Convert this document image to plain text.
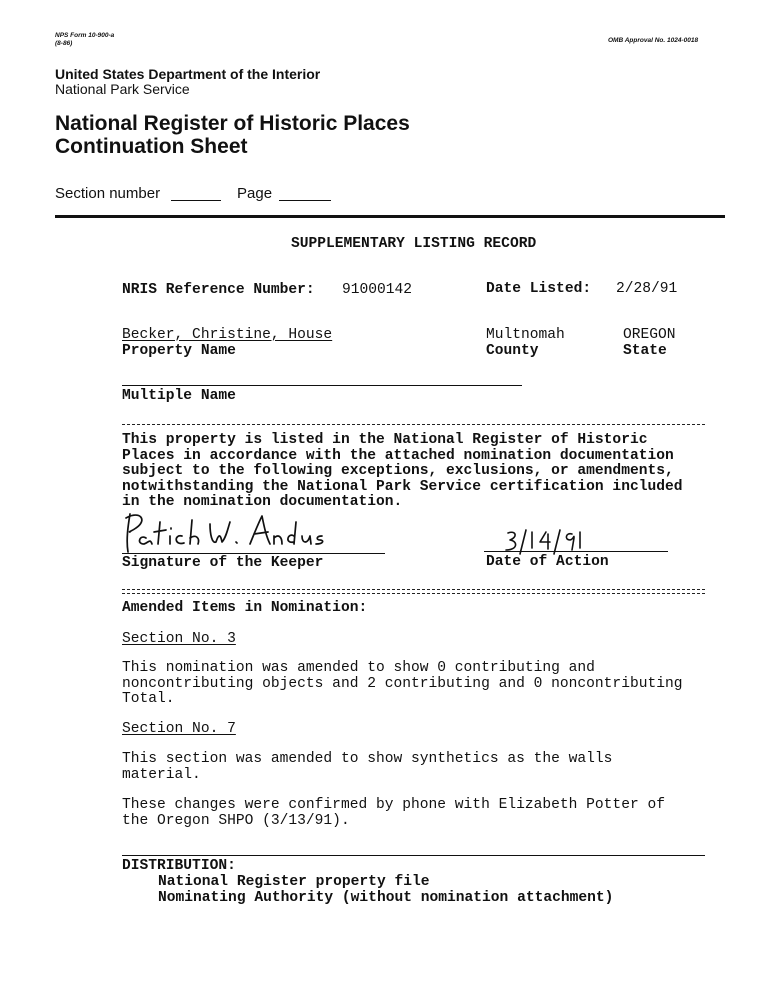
NPS Form 10-900-a
(8-86)	OMB Approval No. 1024-0018
United States Department of the Interior
National Park Service
National Register of Historic Places
Continuation Sheet
Section number	Page
SUPPLEMENTARY LISTING RECORD
NRIS Reference Number: 91000142	Date Listed: 2/28/91
Becker, Christine, House
Property Name
Multnomah
County
OREGON
State
Multiple Name
This property is listed in the National Register of Historic
Places in accordance with the attached nomination documentation
subject to the following exceptions, exclusions, or amendments,
notwithstanding the National Park Service certification included
in the nomination documentation.
Signature of the Keeper	Date of Action
Amended Items in Nomination:
Section No. 3
This nomination was amended to show 0 contributing and
noncontributing objects and 2 contributing and 0 noncontributing
Total.
Section No. 7
This section was amended to show synthetics as the walls
material.
These changes were confirmed by phone with Elizabeth Potter of
the Oregon SHPO (3/13/91).
DISTRIBUTION:
National Register property file
Nominating Authority (without nomination attachment)
